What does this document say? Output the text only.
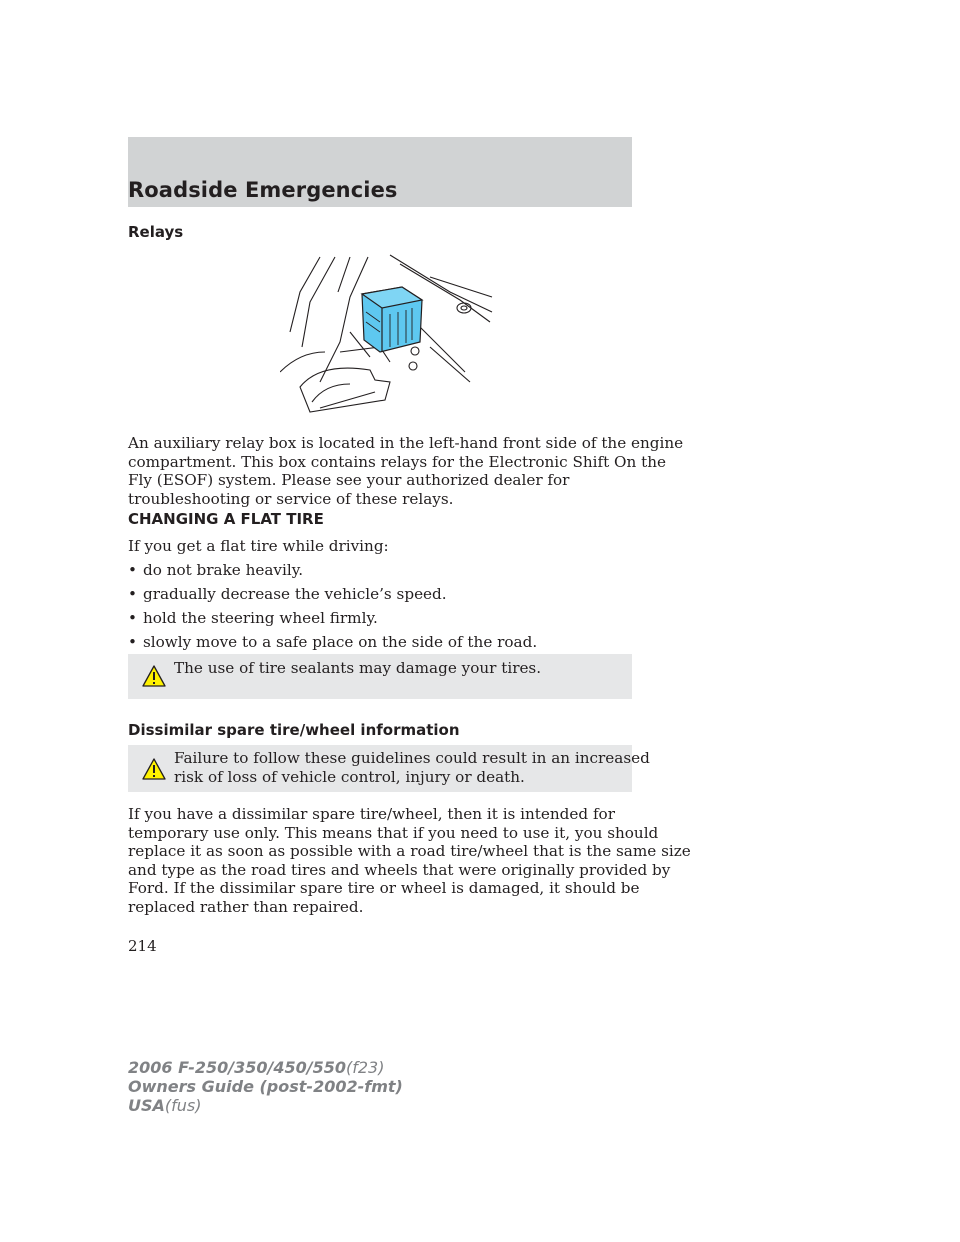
Roadside Emergencies
Relays
An auxiliary relay box is located in the left-hand front side of the engine
compartment. This box contains relays for the Electronic Shift On the
Fly (ESOF) system. Please see your authorized dealer for
troubleshooting or service of these relays.
CHANGING A FLAT TIRE
If you get a flat tire while driving:
• do not brake heavily.
• gradually decrease the vehicle’s speed.
• hold the steering wheel firmly.
• slowly move to a safe place on the side of the road.
The use of tire sealants may damage your tires.
Dissimilar spare tire/wheel information
Failure to follow these guidelines could result in an increased
risk of loss of vehicle control, injury or death.
If you have a dissimilar spare tire/wheel, then it is intended for
temporary use only. This means that if you need to use it, you should
replace it as soon as possible with a road tire/wheel that is the same size
and type as the road tires and wheels that were originally provided by
Ford. If the dissimilar spare tire or wheel is damaged, it should be
replaced rather than repaired.
214
2006 F-250/350/450/550(f23)
Owners Guide (post-2002-fmt)
USA(fus)
